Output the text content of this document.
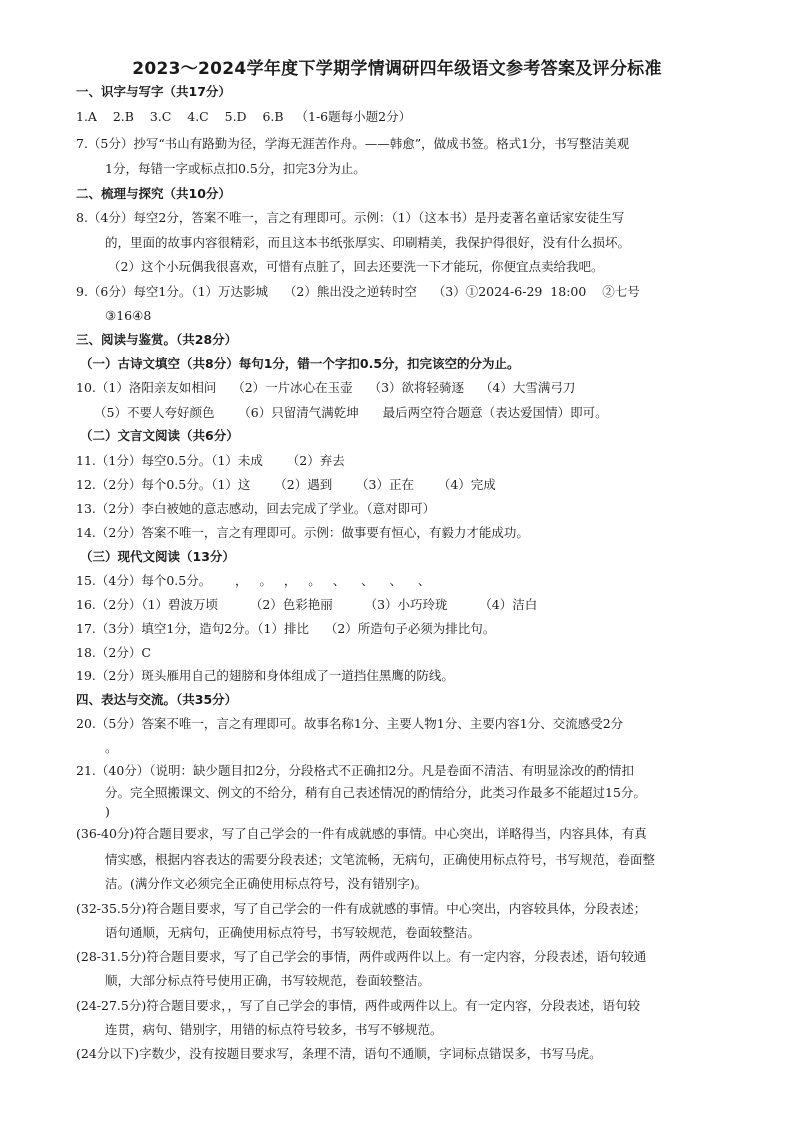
2023～2024学年度下学期学情调研四年级语文参考答案及评分标准
一、识字与写字（共17分）
1.A    2.B    3.C    4.C    5.D    6.B   （1-6题每小题2分）
7.（5分）抄写“书山有路勤为径，学海无涯苦作舟。——韩愈”，做成书签。格式1分，书写整洁美观
1分，每错一字或标点扣0.5分，扣完3分为止。
二、梳理与探究（共10分）
8.（4分）每空2分，答案不唯一，言之有理即可。示例：（1）（这本书）是丹麦著名童话家安徒生写
的，里面的故事内容很精彩，而且这本书纸张厚实、印刷精美，我保护得很好，没有什么损坏。
（2）这个小玩偶我很喜欢，可惜有点脏了，回去还要洗一下才能玩，你便宜点卖给我吧。
9.（6分）每空1分。（1）万达影城    （2）熊出没之逆转时空    （3）①2024-6-29  18:00    ②七号
③16④8
三、阅读与鉴赏。（共28分）
（一）古诗文填空（共8分）每句1分，错一个字扣0.5分，扣完该空的分为止。
10.（1）洛阳亲友如相问    （2）一片冰心在玉壶    （3）欲将轻骑逐    （4）大雪满弓刀
（5）不要人夸好颜色      （6）只留清气满乾坤      最后两空符合题意（表达爱国情）即可。
（二）文言文阅读（共6分）
11.（1分）每空0.5分。（1）未成      （2）弃去
12.（2分）每个0.5分。（1）这      （2）遇到      （3）正在      （4）完成
13.（2分）李白被她的意志感动，回去完成了学业。（意对即可）
14.（2分）答案不唯一，言之有理即可。示例：做事要有恒心，有毅力才能成功。
（三）现代文阅读（13分）
15.（4分）每个0.5分。      ，   。   ，   。   、    、    、    、
16.（2分）（1）碧波万顷        （2）色彩艳丽        （3）小巧玲珑        （4）洁白
17.（3分）填空1分，造句2分。（1）排比    （2）所造句子必须为排比句。
18.（2分）C
19.（2分）斑头雁用自己的翅膀和身体组成了一道挡住黑鹰的防线。
四、表达与交流。（共35分）
20.（5分）答案不唯一，言之有理即可。故事名称1分、主要人物1分、主要内容1分、交流感受2分
。
21.（40分）（说明：缺少题目扣2分，分段格式不正确扣2分。凡是卷面不清洁、有明显涂改的酌情扣
分。完全照搬课文、例文的不给分，稍有自己表述情况的酌情给分，此类习作最多不能超过15分。
)
(36-40分)符合题目要求，写了自己学会的一件有成就感的事情。中心突出，详略得当，内容具体，有真
情实感，根据内容表达的需要分段表述；文笔流畅，无病句，正确使用标点符号，书写规范，卷面整
洁。(满分作文必须完全正确使用标点符号，没有错别字)。
(32-35.5分)符合题目要求，写了自己学会的一件有成就感的事情。中心突出，内容较具体，分段表述；
语句通顺，无病句，正确使用标点符号，书写较规范，卷面较整洁。
(28-31.5分)符合题目要求，写了自己学会的事情，两件或两件以上。有一定内容，分段表述，语句较通
顺，大部分标点符号使用正确，书写较规范，卷面较整洁。
(24-27.5分)符合题目要求，，写了自己学会的事情，两件或两件以上。有一定内容，分段表述，语句较
连贯，病句、错别字，用错的标点符号较多，书写不够规范。
(24分以下)字数少，没有按题目要求写，条理不清，语句不通顺，字词标点错误多，书写马虎。
